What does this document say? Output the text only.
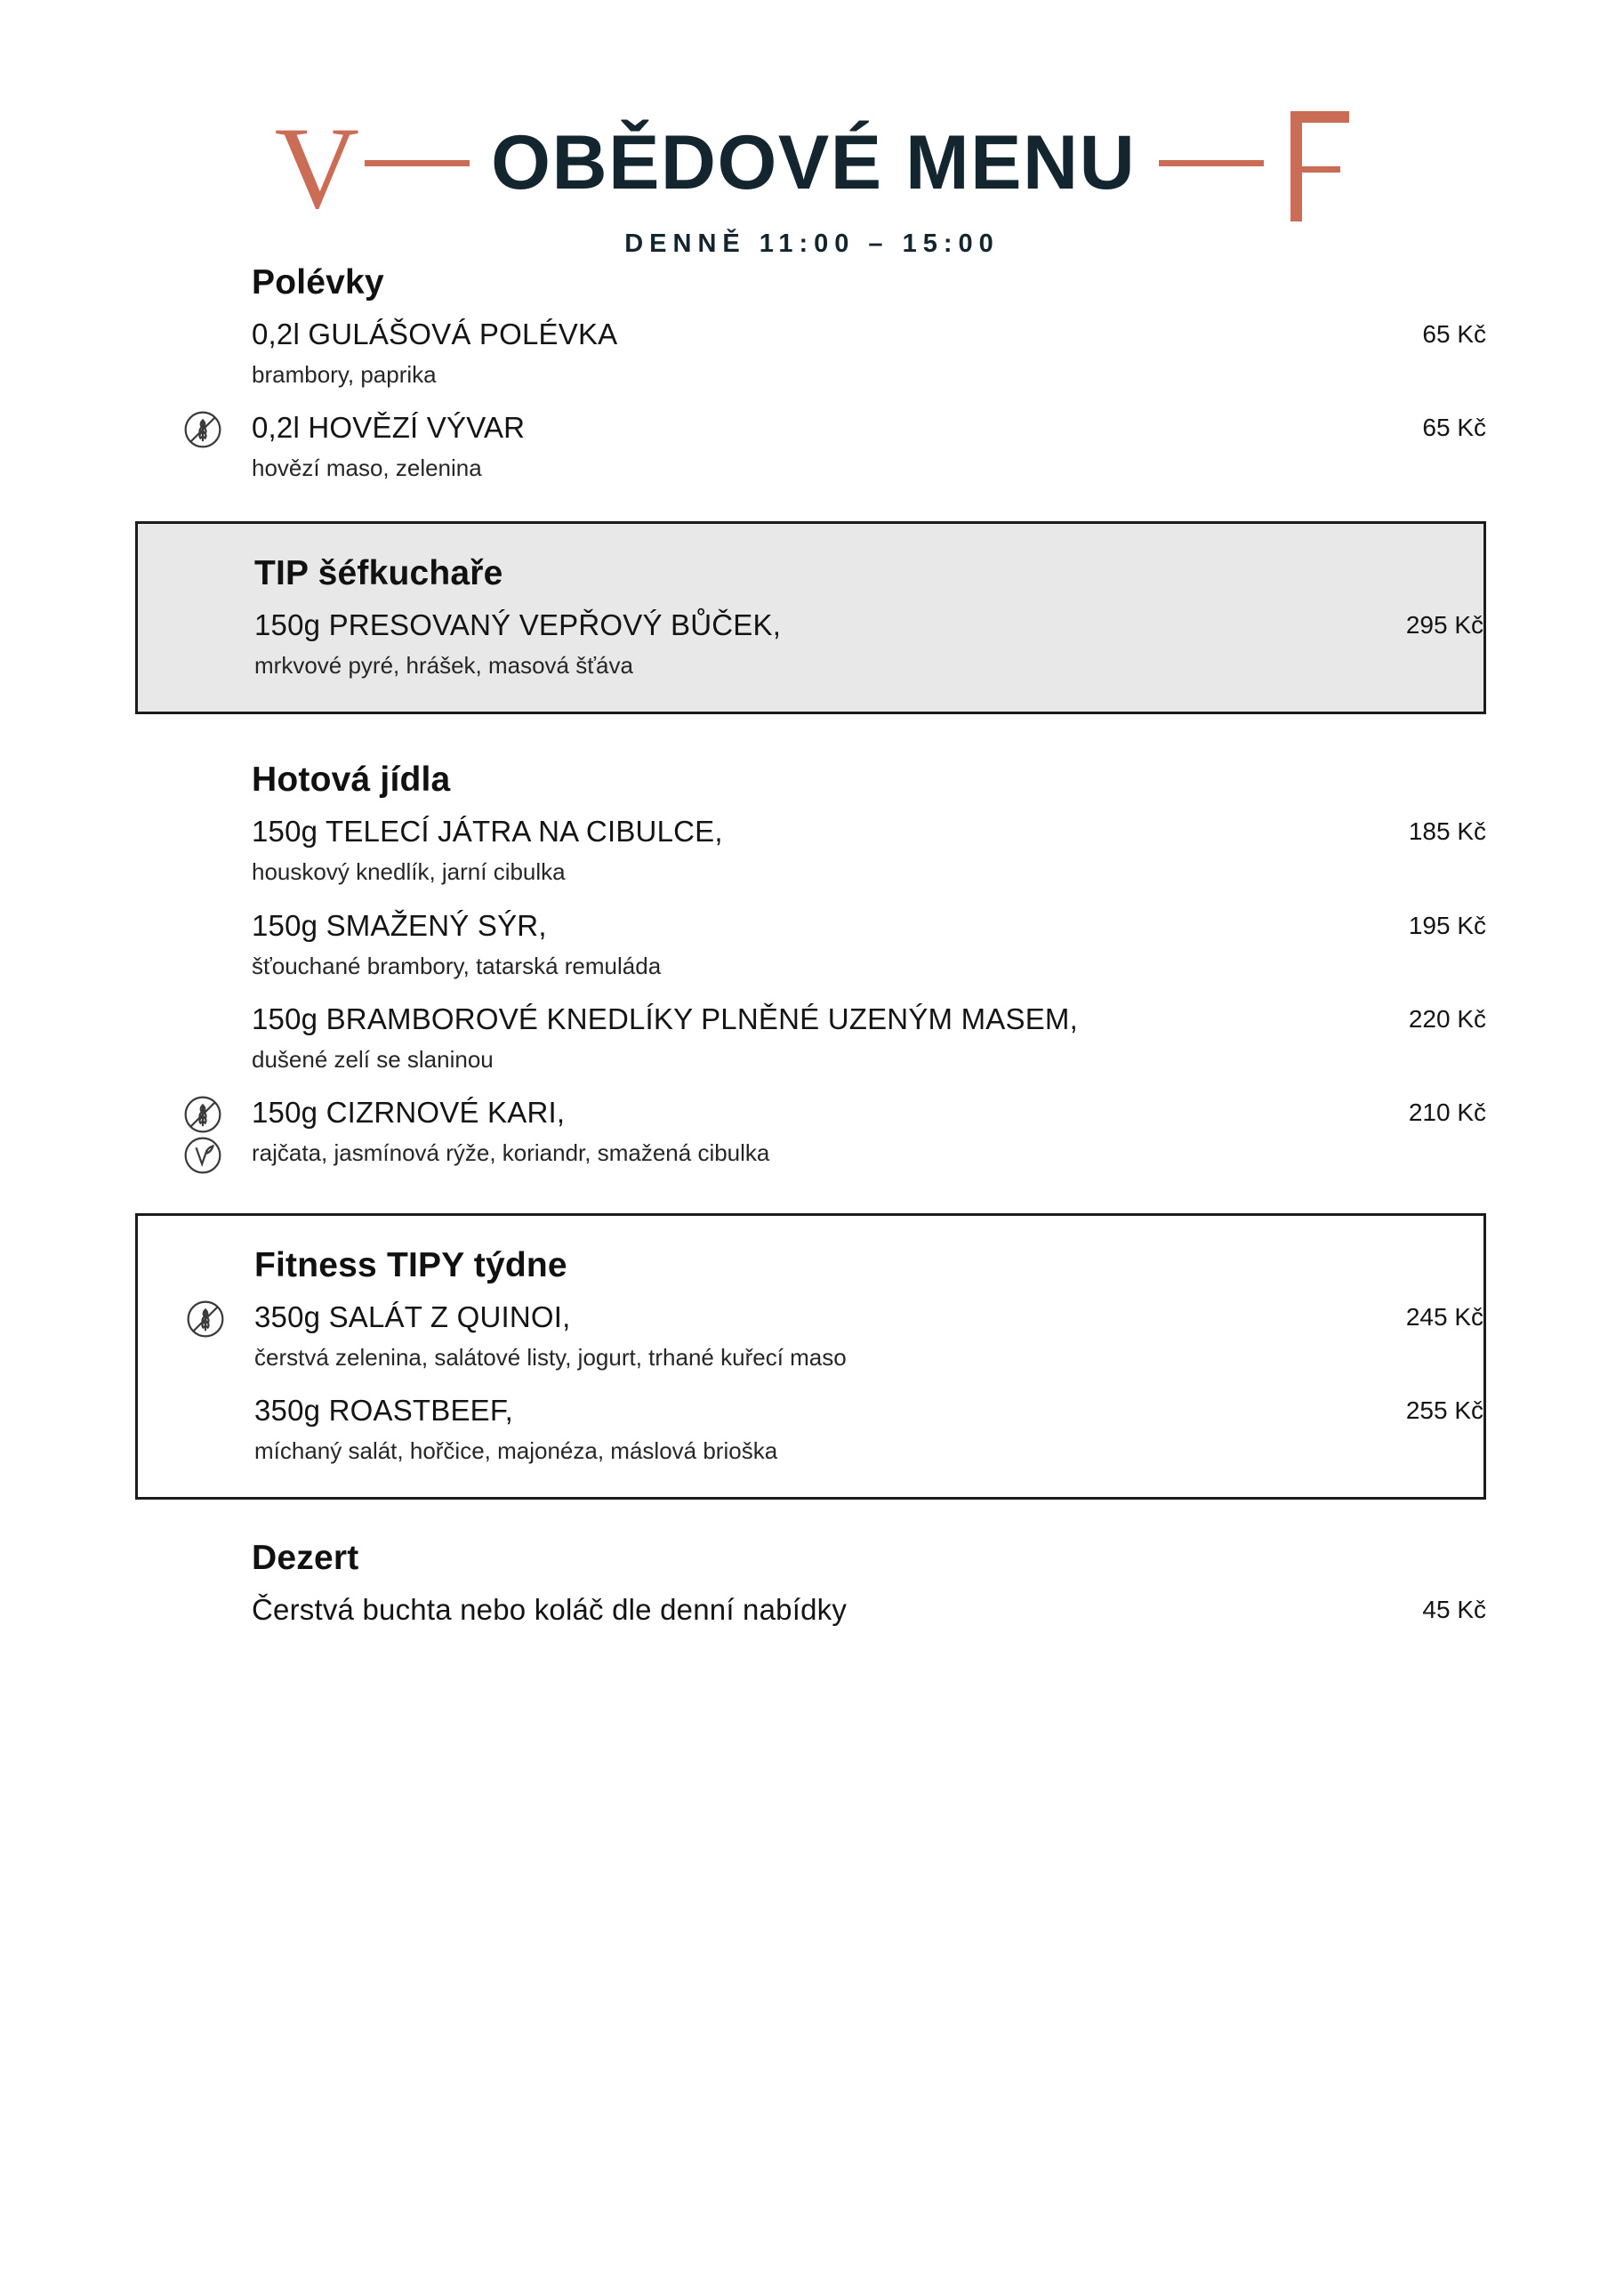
V OBĚDOVÉ MENU
DENNĚ 11:00 – 15:00
Polévky
0,2l GULÁŠOVÁ POLÉVKA	65 Kč
brambory, paprika
0,2l HOVĚZÍ VÝVAR	65 Kč
hovězí maso, zelenina
TIP šéfkuchaře
150g PRESOVANÝ VEPŘOVÝ BŮČEK,	295 Kč
mrkvové pyré, hrášek, masová šťáva
Hotová jídla
150g TELECÍ JÁTRA NA CIBULCE,	185 Kč
houskový knedlík, jarní cibulka
150g SMAŽENÝ SÝR,	195 Kč
šťouchané brambory, tatarská remuláda
150g BRAMBOROVÉ KNEDLÍKY PLNĚNÉ UZENÝM MASEM,	220 Kč
dušené zelí se slaninou
150g CIZRNOVÉ KARI,	210 Kč
rajčata, jasmínová rýže, koriandr, smažená cibulka
Fitness TIPY týdne
350g SALÁT Z QUINOI,	245 Kč
čerstvá zelenina, salátové listy, jogurt, trhané kuřecí maso
350g ROASTBEEF,	255 Kč
míchaný salát, hořčice, majonéza, máslová brioška
Dezert
Čerstvá buchta nebo koláč dle denní nabídky	45 Kč
